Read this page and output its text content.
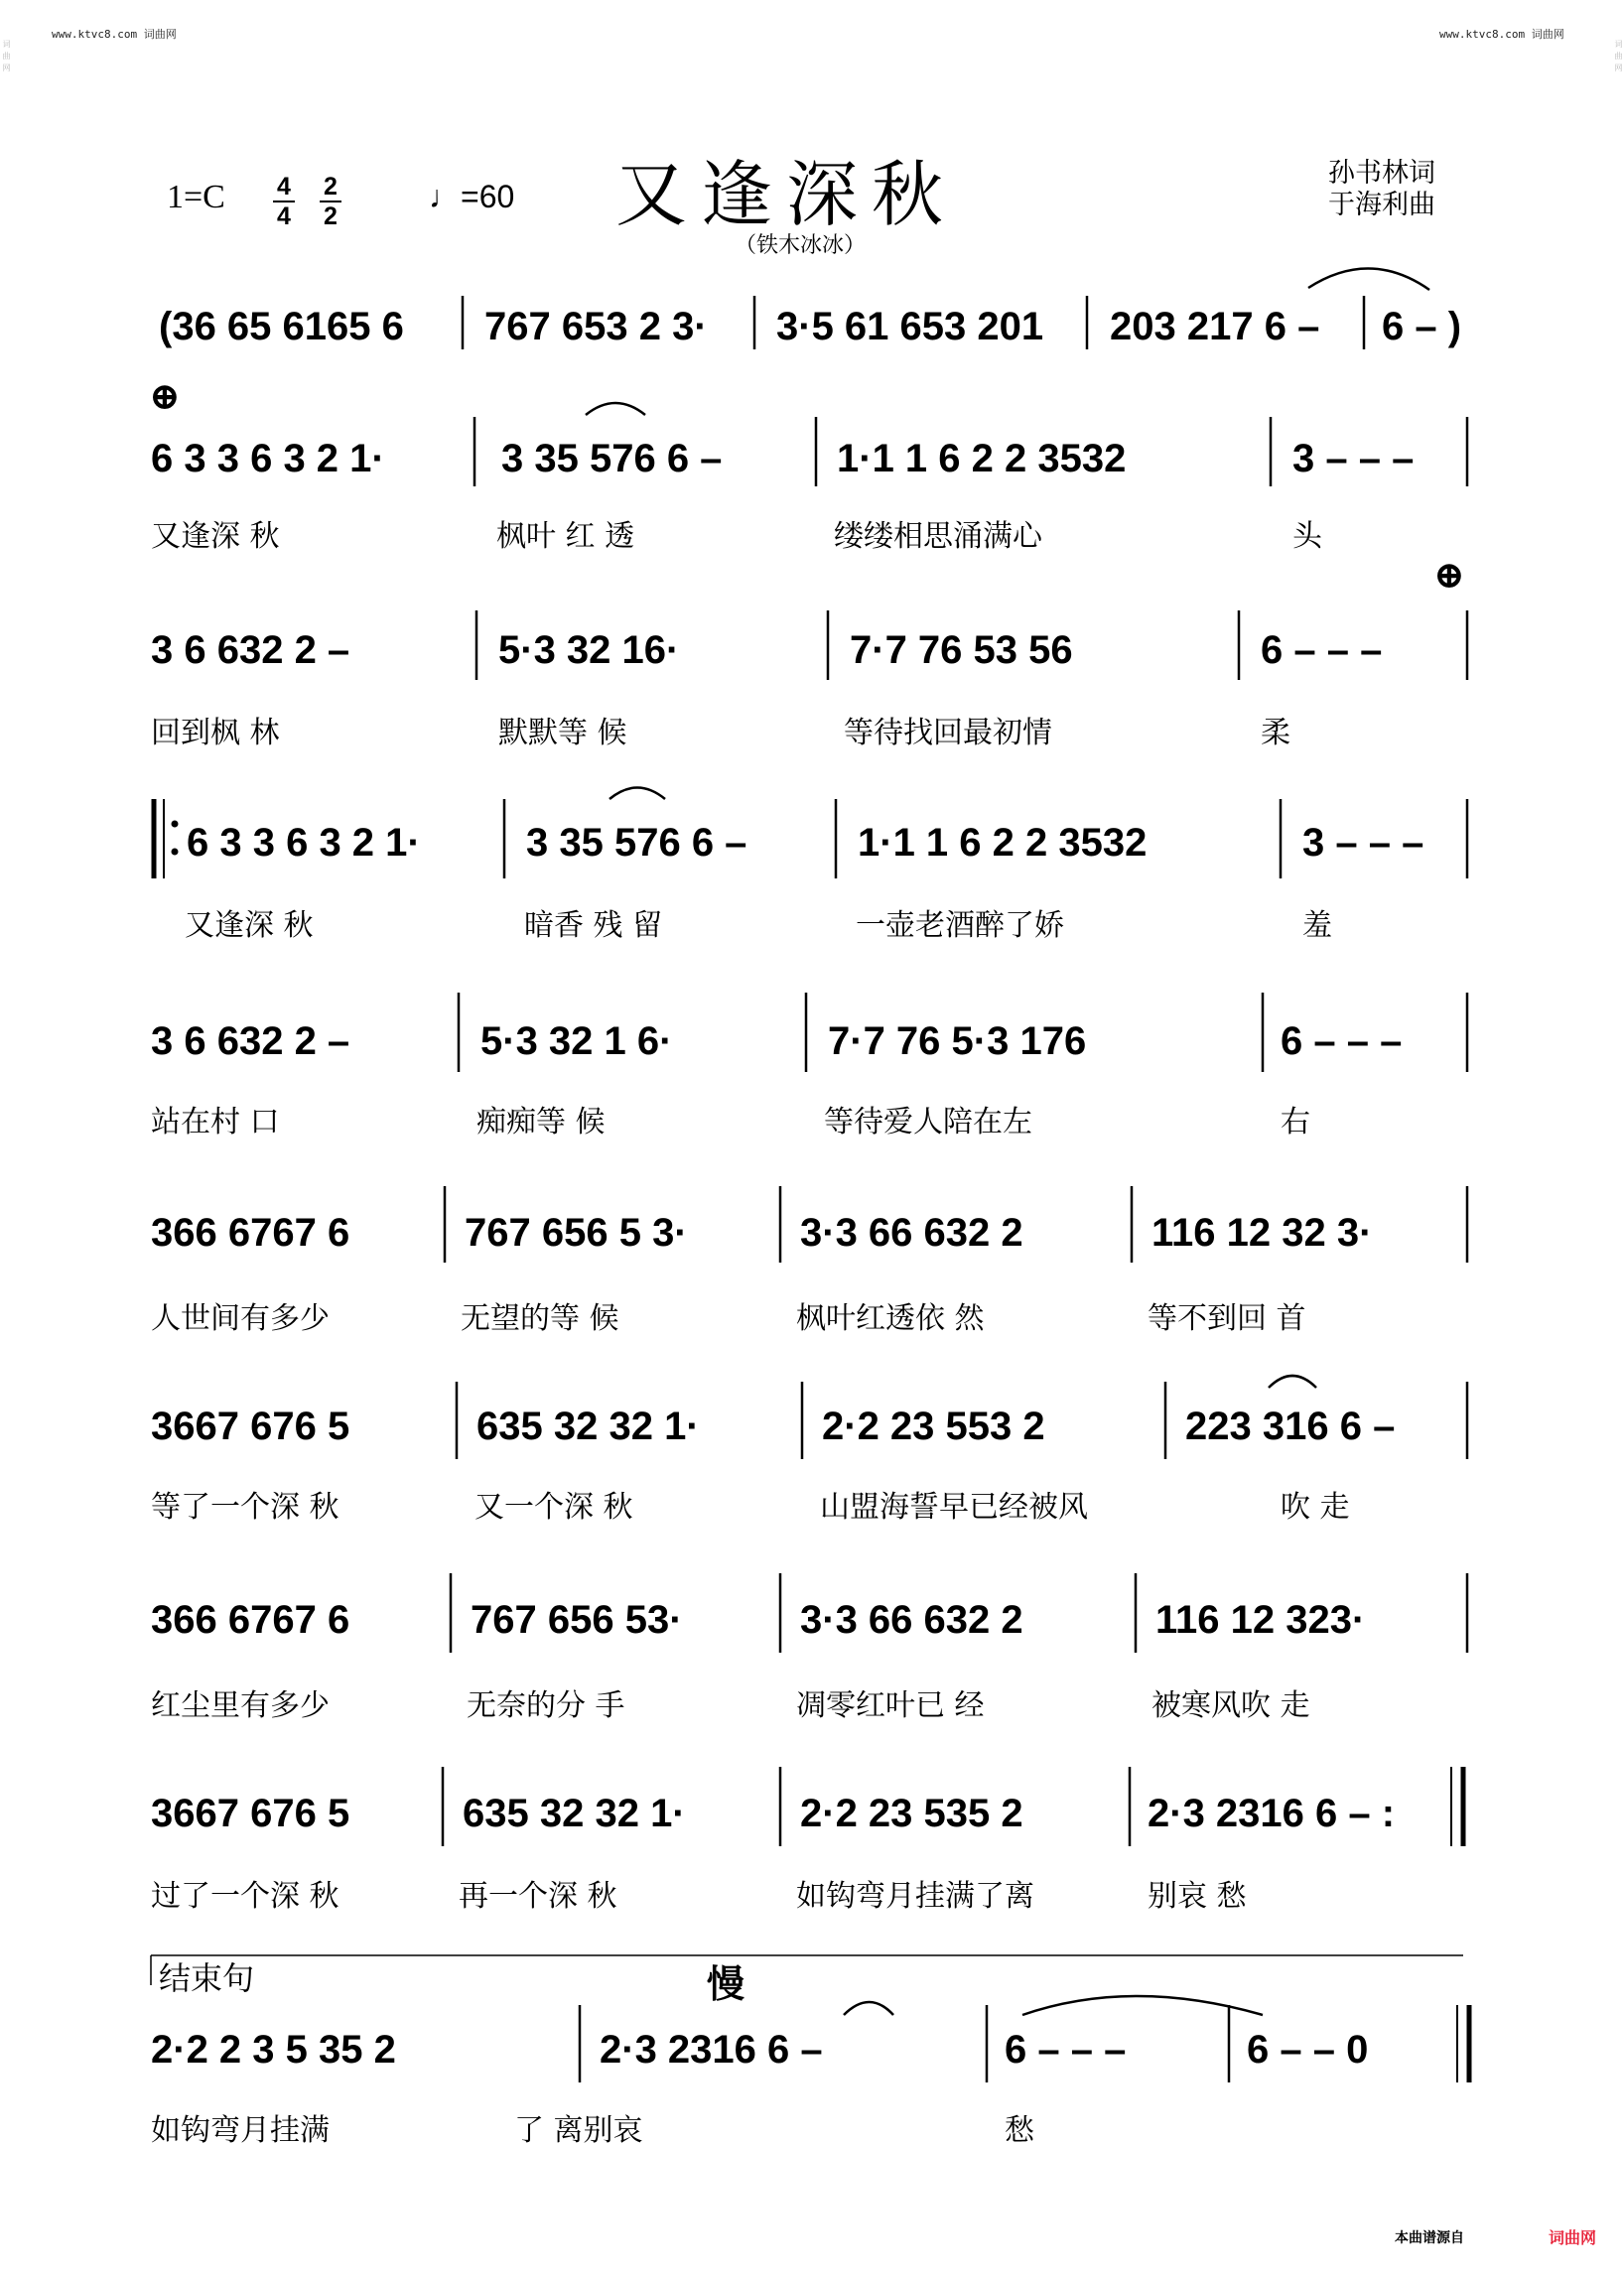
www.ktvc8.com 词曲网	www.ktvc8.com 词曲网
词曲网	词曲网
1=C 4
4
2
2
♩=60 又逢深秋
（铁木冰冰）
孙书林词
于海利曲
(36 65 6165 6 767 653 2 3· 3·5 61 653 201 203 217 6 – 6 – )
⊕
6 3 3 6 3 2 1·	3 35 576 6 –	1·1 1 6 2 2 3532	3 – – –
又逢深 秋	枫叶 红 透	缕缕相思涌满心	头
⊕
3 6 632 2 –	5·3 32 16·	7·7 76 53 56	6 – – –
回到枫 林	默默等 候	等待找回最初情	柔
6 3 3 6 3 2 1·	3 35 576 6 –	1·1 1 6 2 2 3532	3 – – –
又逢深 秋	暗香 残 留	一壶老酒醉了娇	羞
3 6 632 2 –	5·3 32 1 6·	7·7 76 5·3 176	6 – – –
站在村 口	痴痴等 候	等待爱人陪在左	右
366 6767 6	767 656 5 3·	3·3 66 632 2	116 12 32 3·
人世间有多少	无望的等 候	枫叶红透依 然	等不到回 首
3667 676 5	635 32 32 1·	2·2 23 553 2	223 316 6 –
等了一个深 秋	又一个深 秋	山盟海誓早已经被风	吹 走
366 6767 6	767 656 53·	3·3 66 632 2	116 12 323·
红尘里有多少	无奈的分 手	凋零红叶已 经	被寒风吹 走
3667 676 5	635 32 32 1·	2·2 23 535 2	2·3 2316 6 – :
过了一个深 秋	再一个深 秋	如钩弯月挂满了离	别哀 愁
结束句	慢
2·2 2 3 5 35 2	2·3 2316 6 –	6 – – –	6 – – 0
如钩弯月挂满	了 离别哀	愁
本曲谱源自	词曲网
